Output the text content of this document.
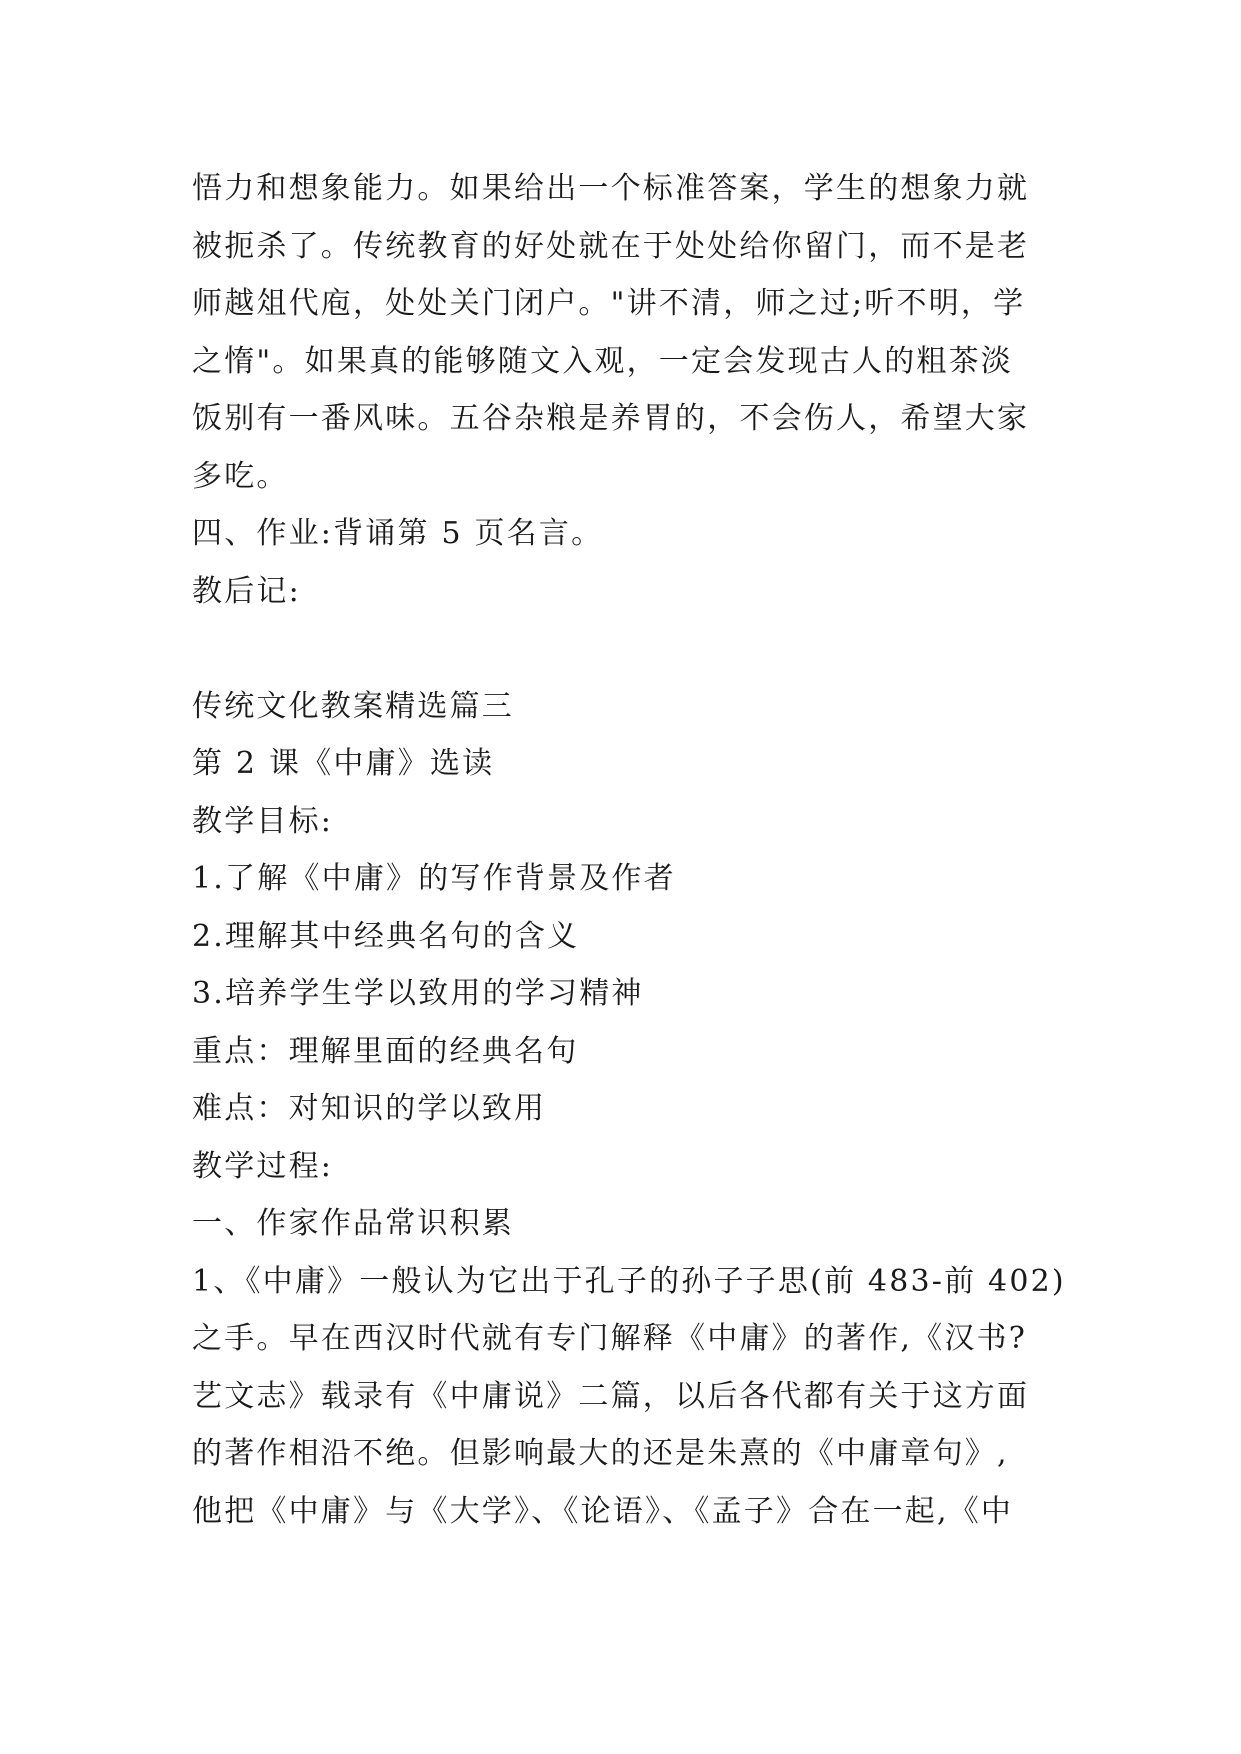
悟力和想象能力。如果给出一个标准答案，学生的想象力就
被扼杀了。传统教育的好处就在于处处给你留门，而不是老
师越俎代庖，处处关门闭户。"讲不清，师之过;听不明，学
之惰"。如果真的能够随文入观，一定会发现古人的粗茶淡
饭别有一番风味。五谷杂粮是养胃的，不会伤人，希望大家
多吃。
四、作业:背诵第 5 页名言。
教后记:
传统文化教案精选篇三
第 2 课《中庸》选读
教学目标:
1.了解《中庸》的写作背景及作者
2.理解其中经典名句的含义
3.培养学生学以致用的学习精神
重点：理解里面的经典名句
难点：对知识的学以致用
教学过程:
一、作家作品常识积累
1、《中庸》一般认为它出于孔子的孙子子思(前 483-前 402)
之手。早在西汉时代就有专门解释《中庸》的著作,《汉书?
艺文志》载录有《中庸说》二篇，以后各代都有关于这方面
的著作相沿不绝。但影响最大的还是朱熹的《中庸章句》,
他把《中庸》与《大学》、《论语》、《孟子》合在一起,《中
